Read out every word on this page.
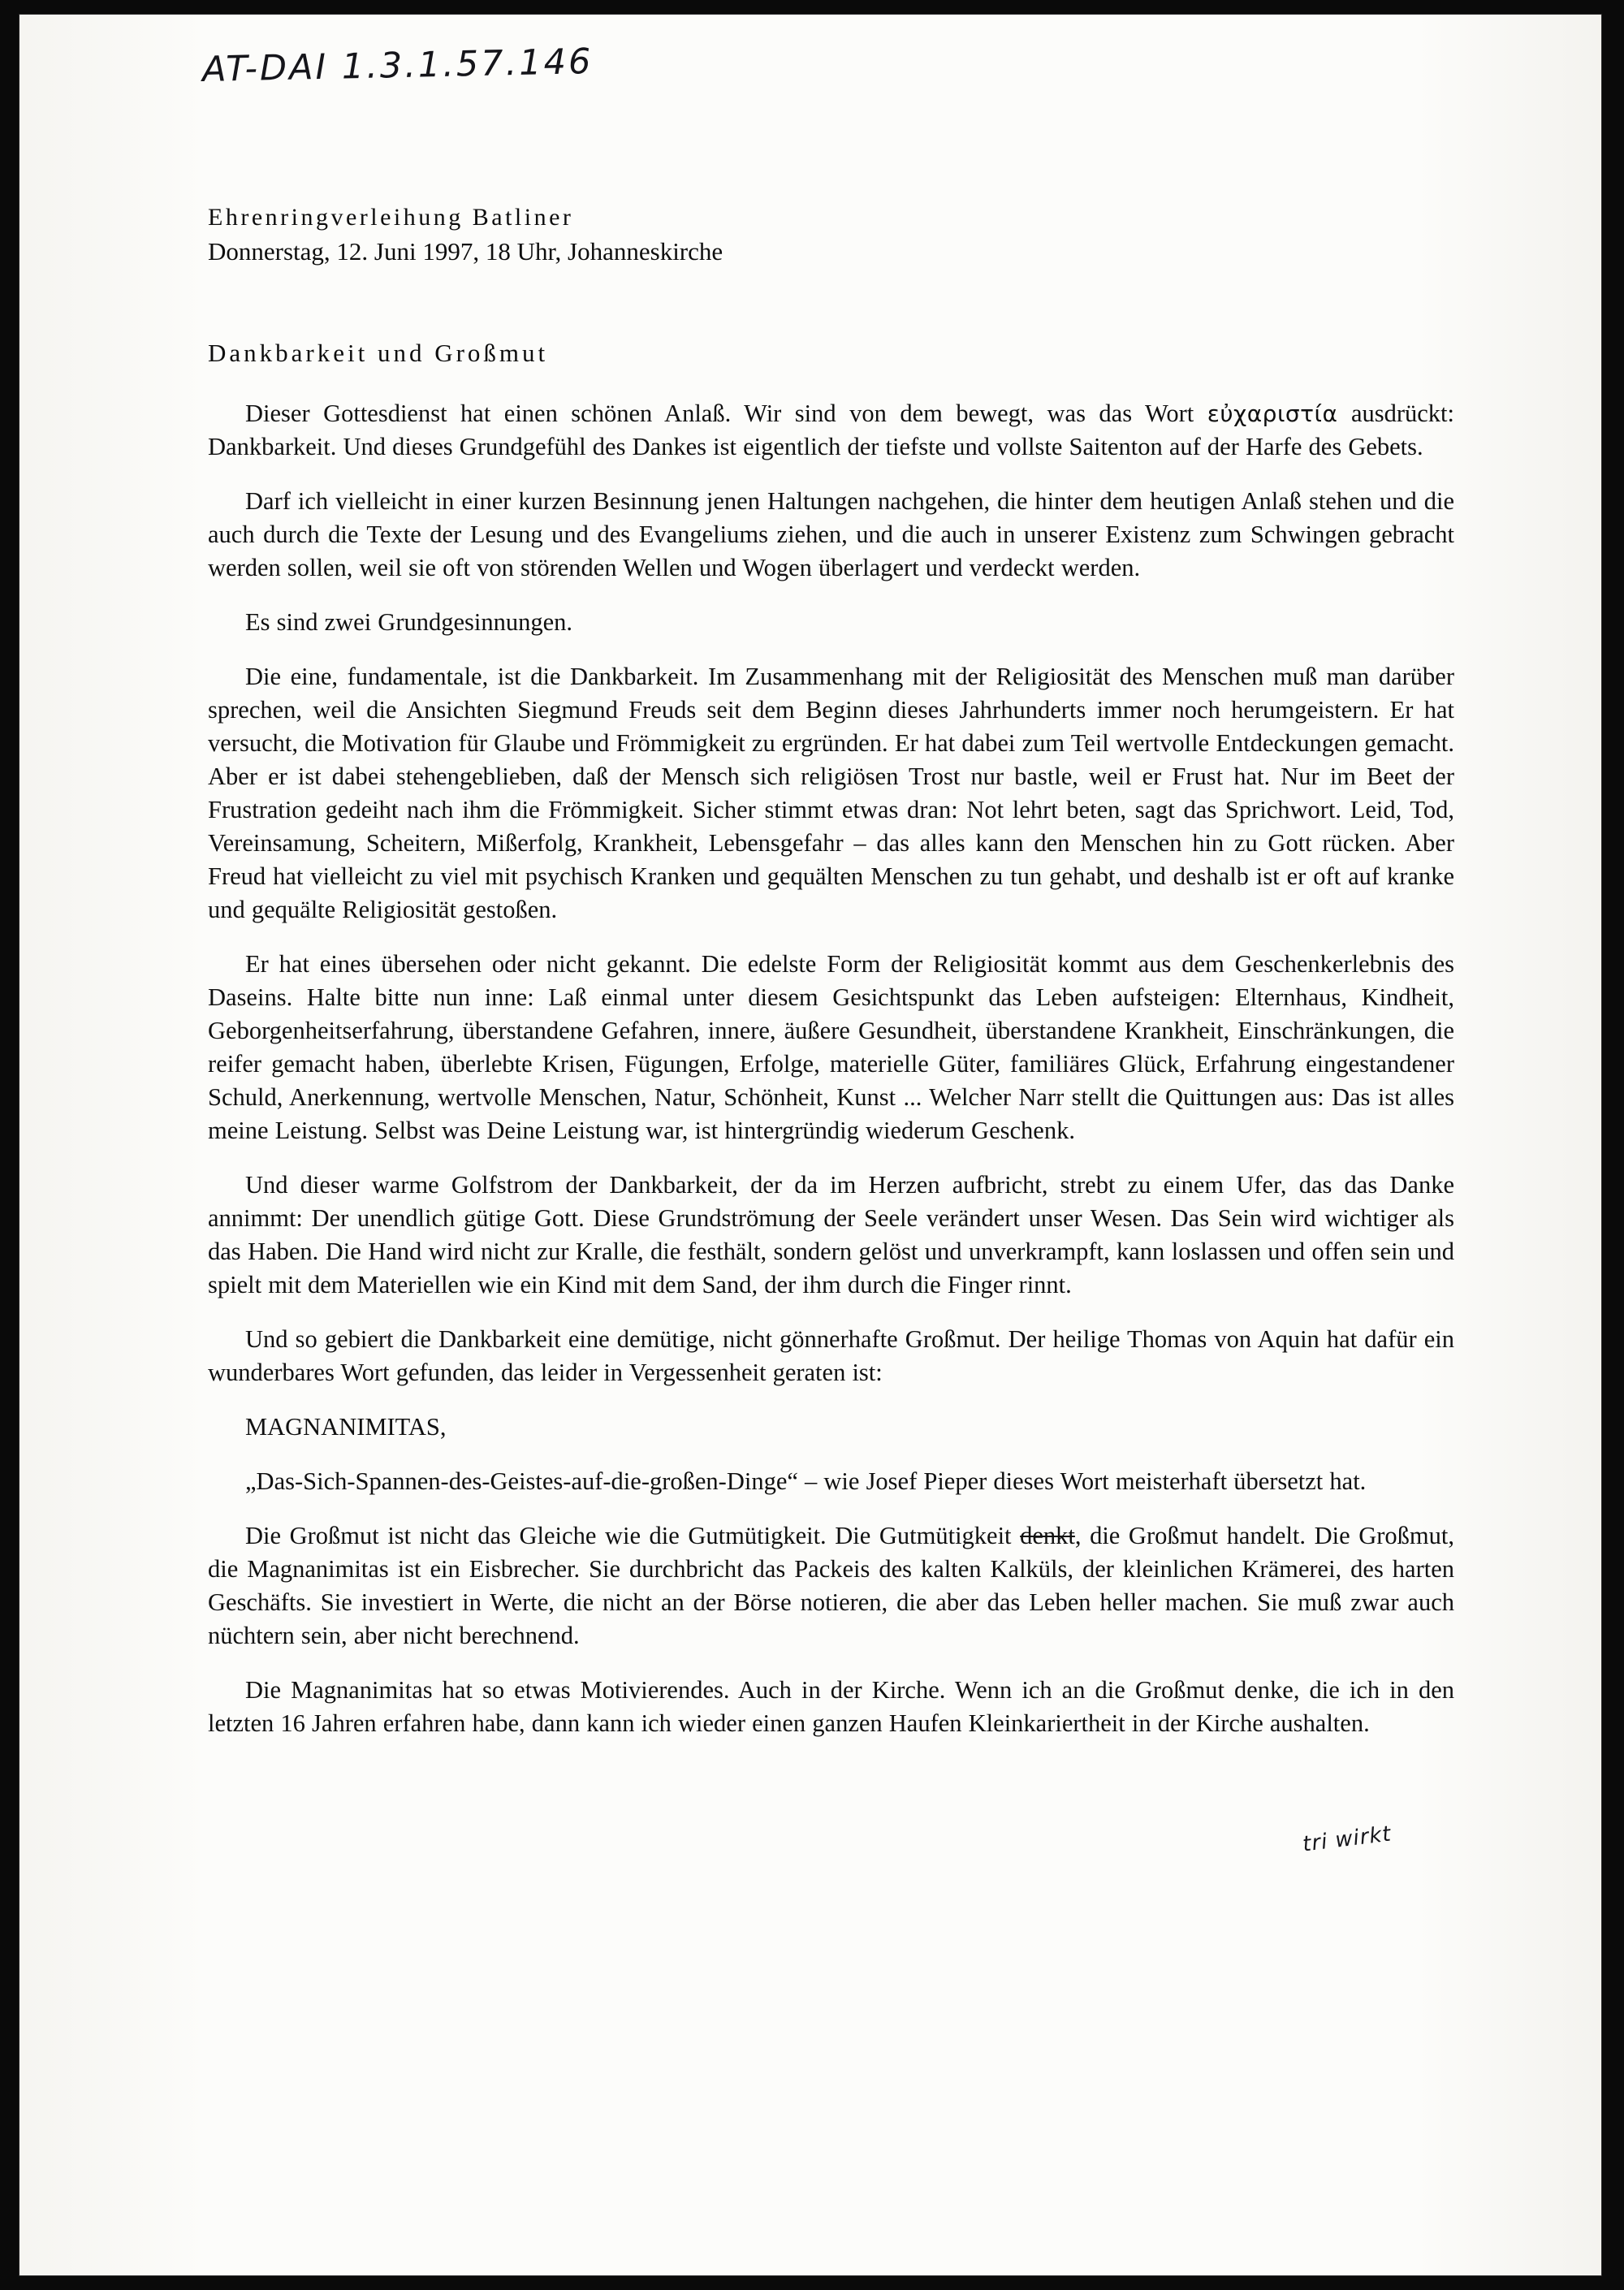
AT-DAI 1.3.1.57.146
Ehrenringverleihung Batliner
Donnerstag, 12. Juni 1997, 18 Uhr, Johanneskirche
Dankbarkeit und Großmut

Dieser Gottesdienst hat einen schönen Anlaß. Wir sind von dem bewegt, was das Wort εὐχαριστία ausdrückt: Dankbarkeit. Und dieses Grundgefühl des Dankes ist eigentlich der tiefste und vollste Saitenton auf der Harfe des Gebets.

Darf ich vielleicht in einer kurzen Besinnung jenen Haltungen nachgehen, die hinter dem heutigen Anlaß stehen und die auch durch die Texte der Lesung und des Evangeliums ziehen, und die auch in unserer Existenz zum Schwingen gebracht werden sollen, weil sie oft von störenden Wellen und Wogen überlagert und verdeckt werden.

Es sind zwei Grundgesinnungen.

Die eine, fundamentale, ist die Dankbarkeit. Im Zusammenhang mit der Religiosität des Menschen muß man darüber sprechen, weil die Ansichten Siegmund Freuds seit dem Beginn dieses Jahrhunderts immer noch herumgeistern. Er hat versucht, die Motivation für Glaube und Frömmigkeit zu ergründen. Er hat dabei zum Teil wertvolle Entdeckungen gemacht. Aber er ist dabei stehengeblieben, daß der Mensch sich religiösen Trost nur bastle, weil er Frust hat. Nur im Beet der Frustration gedeiht nach ihm die Frömmigkeit. Sicher stimmt etwas dran: Not lehrt beten, sagt das Sprichwort. Leid, Tod, Vereinsamung, Scheitern, Mißerfolg, Krankheit, Lebensgefahr – das alles kann den Menschen hin zu Gott rücken. Aber Freud hat vielleicht zu viel mit psychisch Kranken und gequälten Menschen zu tun gehabt, und deshalb ist er oft auf kranke und gequälte Religiosität gestoßen.

Er hat eines übersehen oder nicht gekannt. Die edelste Form der Religiosität kommt aus dem Geschenkerlebnis des Daseins. Halte bitte nun inne: Laß einmal unter diesem Gesichtspunkt das Leben aufsteigen: Elternhaus, Kindheit, Geborgenheitserfahrung, überstandene Gefahren, innere, äußere Gesundheit, überstandene Krankheit, Einschränkungen, die reifer gemacht haben, überlebte Krisen, Fügungen, Erfolge, materielle Güter, familiäres Glück, Erfahrung eingestandener Schuld, Anerkennung, wertvolle Menschen, Natur, Schönheit, Kunst ... Welcher Narr stellt die Quittungen aus: Das ist alles meine Leistung. Selbst was Deine Leistung war, ist hintergründig wiederum Geschenk.

Und dieser warme Golfstrom der Dankbarkeit, der da im Herzen aufbricht, strebt zu einem Ufer, das das Danke annimmt: Der unendlich gütige Gott. Diese Grundströmung der Seele verändert unser Wesen. Das Sein wird wichtiger als das Haben. Die Hand wird nicht zur Kralle, die festhält, sondern gelöst und unverkrampft, kann loslassen und offen sein und spielt mit dem Materiellen wie ein Kind mit dem Sand, der ihm durch die Finger rinnt.

Und so gebiert die Dankbarkeit eine demütige, nicht gönnerhafte Großmut. Der heilige Thomas von Aquin hat dafür ein wunderbares Wort gefunden, das leider in Vergessenheit geraten ist:

MAGNANIMITAS,

„Das-Sich-Spannen-des-Geistes-auf-die-großen-Dinge“ – wie Josef Pieper dieses Wort meisterhaft übersetzt hat.

Die Großmut ist nicht das Gleiche wie die Gutmütigkeit. Die Gutmütigkeit denkt, die Großmut handelt. Die Großmut, die Magnanimitas ist ein Eisbrecher. Sie durchbricht das Packeis des kalten Kalküls, der kleinlichen Krämerei, des harten Geschäfts. Sie investiert in Werte, die nicht an der Börse notieren, die aber das Leben heller machen. Sie muß zwar auch nüchtern sein, aber nicht berechnend.

Die Magnanimitas hat so etwas Motivierendes. Auch in der Kirche. Wenn ich an die Großmut denke, die ich in den letzten 16 Jahren erfahren habe, dann kann ich wieder einen ganzen Haufen Kleinkariertheit in der Kirche aushalten.

tri wirkt
